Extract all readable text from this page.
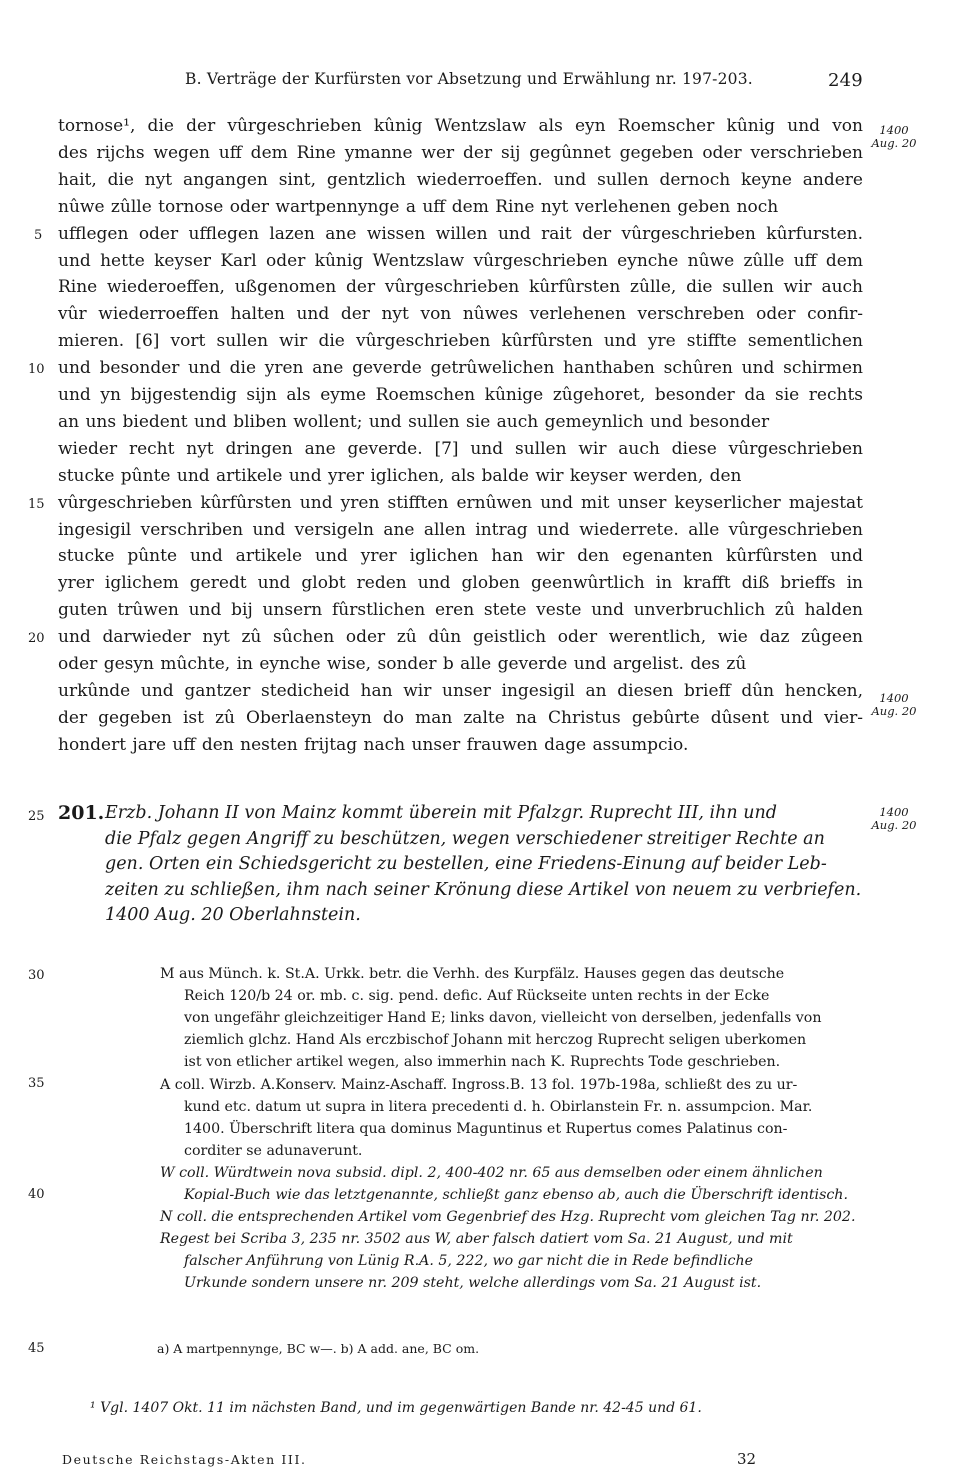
B. Verträge der Kurfürsten vor Absetzung und Erwählung nr. 197-203.	249
tornose¹, die der vûrgeschrieben kûnig Wentzslaw als eyn Roemscher kûnig und von
des rijchs wegen uff dem Rine ymanne wer der sij gegûnnet gegeben oder verschrieben
hait, die nyt angangen sint, gentzlich wiederroeffen. und sullen dernoch keyne andere
nûwe zûlle tornose oder wartpennynge a uff dem Rine nyt verlehenen geben noch
ufflegen oder ufflegen lazen ane wissen willen und rait der vûrgeschrieben kûrfursten.
und hette keyser Karl oder kûnig Wentzslaw vûrgeschrieben eynche nûwe zûlle uff dem
Rine wiederoeffen, ußgenomen der vûrgeschrieben kûrfûrsten zûlle, die sullen wir auch
vûr wiederroeffen halten und der nyt von nûwes verlehenen verschreben oder confir-
mieren. [6] vort sullen wir die vûrgeschrieben kûrfûrsten und yre stiffte sementlichen
und besonder und die yren ane geverde getrûwelichen hanthaben schûren und schirmen
und yn bijgestendig sijn als eyme Roemschen kûnige zûgehoret, besonder da sie rechts
an uns biedent und bliben wollent; und sullen sie auch gemeynlich und besonder
wieder recht nyt dringen ane geverde. [7] und sullen wir auch diese vûrgeschrieben
stucke pûnte und artikele und yrer iglichen, als balde wir keyser werden, den
vûrgeschrieben kûrfûrsten und yren stifften ernûwen und mit unser keyserlicher majestat
ingesigil verschriben und versigeln ane allen intrag und wiederrete. alle vûrgeschrieben
stucke pûnte und artikele und yrer iglichen han wir den egenanten kûrfûrsten und
yrer iglichem geredt und globt reden und globen geenwûrtlich in krafft diß brieffs in
guten trûwen und bij unsern fûrstlichen eren stete veste und unverbruchlich zû halden
und darwieder nyt zû sûchen oder zû dûn geistlich oder werentlich, wie daz zûgeen
oder gesyn mûchte, in eynche wise, sonder b alle geverde und argelist. des zû
urkûnde und gantzer stedicheid han wir unser ingesigil an diesen brieff dûn hencken,
der gegeben ist zû Oberlaensteyn do man zalte na Christus gebûrte dûsent und vier-
hondert jare uff den nesten frijtag nach unser frauwen dage assumpcio.
5
10
15
20
1400
Aug. 20
1400
Aug. 20
25 201. Erzb. Johann II von Mainz kommt überein mit Pfalzgr. Ruprecht III, ihn und
die Pfalz gegen Angriff zu beschützen, wegen verschiedener streitiger Rechte an
gen. Orten ein Schiedsgericht zu bestellen, eine Friedens-Einung auf beider Leb-
zeiten zu schließen, ihm nach seiner Krönung diese Artikel von neuem zu verbriefen.
1400 Aug. 20 Oberlahnstein.
1400
Aug. 20
M aus Münch. k. St.A. Urkk. betr. die Verhh. des Kurpfälz. Hauses gegen das deutsche
Reich 120/b 24 or. mb. c. sig. pend. defic. Auf Rückseite unten rechts in der Ecke
von ungefähr gleichzeitiger Hand E; links davon, vielleicht von derselben, jedenfalls von
ziemlich glchz. Hand Als erczbischof Johann mit herczog Ruprecht seligen uberkomen
ist von etlicher artikel wegen, also immerhin nach K. Ruprechts Tode geschrieben.
A coll. Wirzb. A.Konserv. Mainz-Aschaff. Ingross.B. 13 fol. 197b-198a, schließt des zu ur-
kund etc. datum ut supra in litera precedenti d. h. Obirlanstein Fr. n. assumpcion. Mar.
1400. Überschrift litera qua dominus Maguntinus et Rupertus comes Palatinus con-
corditer se adunaverunt.
W coll. Würdtwein nova subsid. dipl. 2, 400-402 nr. 65 aus demselben oder einem ähnlichen
Kopial-Buch wie das letztgenannte, schließt ganz ebenso ab, auch die Überschrift identisch.
N coll. die entsprechenden Artikel vom Gegenbrief des Hzg. Ruprecht vom gleichen Tag nr. 202.
Regest bei Scriba 3, 235 nr. 3502 aus W, aber falsch datiert vom Sa. 21 August, und mit
falscher Anführung von Lünig R.A. 5, 222, wo gar nicht die in Rede befindliche
Urkunde sondern unsere nr. 209 steht, welche allerdings vom Sa. 21 August ist.
30
35
40
45	a) A martpennynge, BC w—. b) A add. ane, BC om.
¹ Vgl. 1407 Okt. 11 im nächsten Band, und im gegenwärtigen Bande nr. 42-45 und 61.
Deutsche Reichstags-Akten III.	32
